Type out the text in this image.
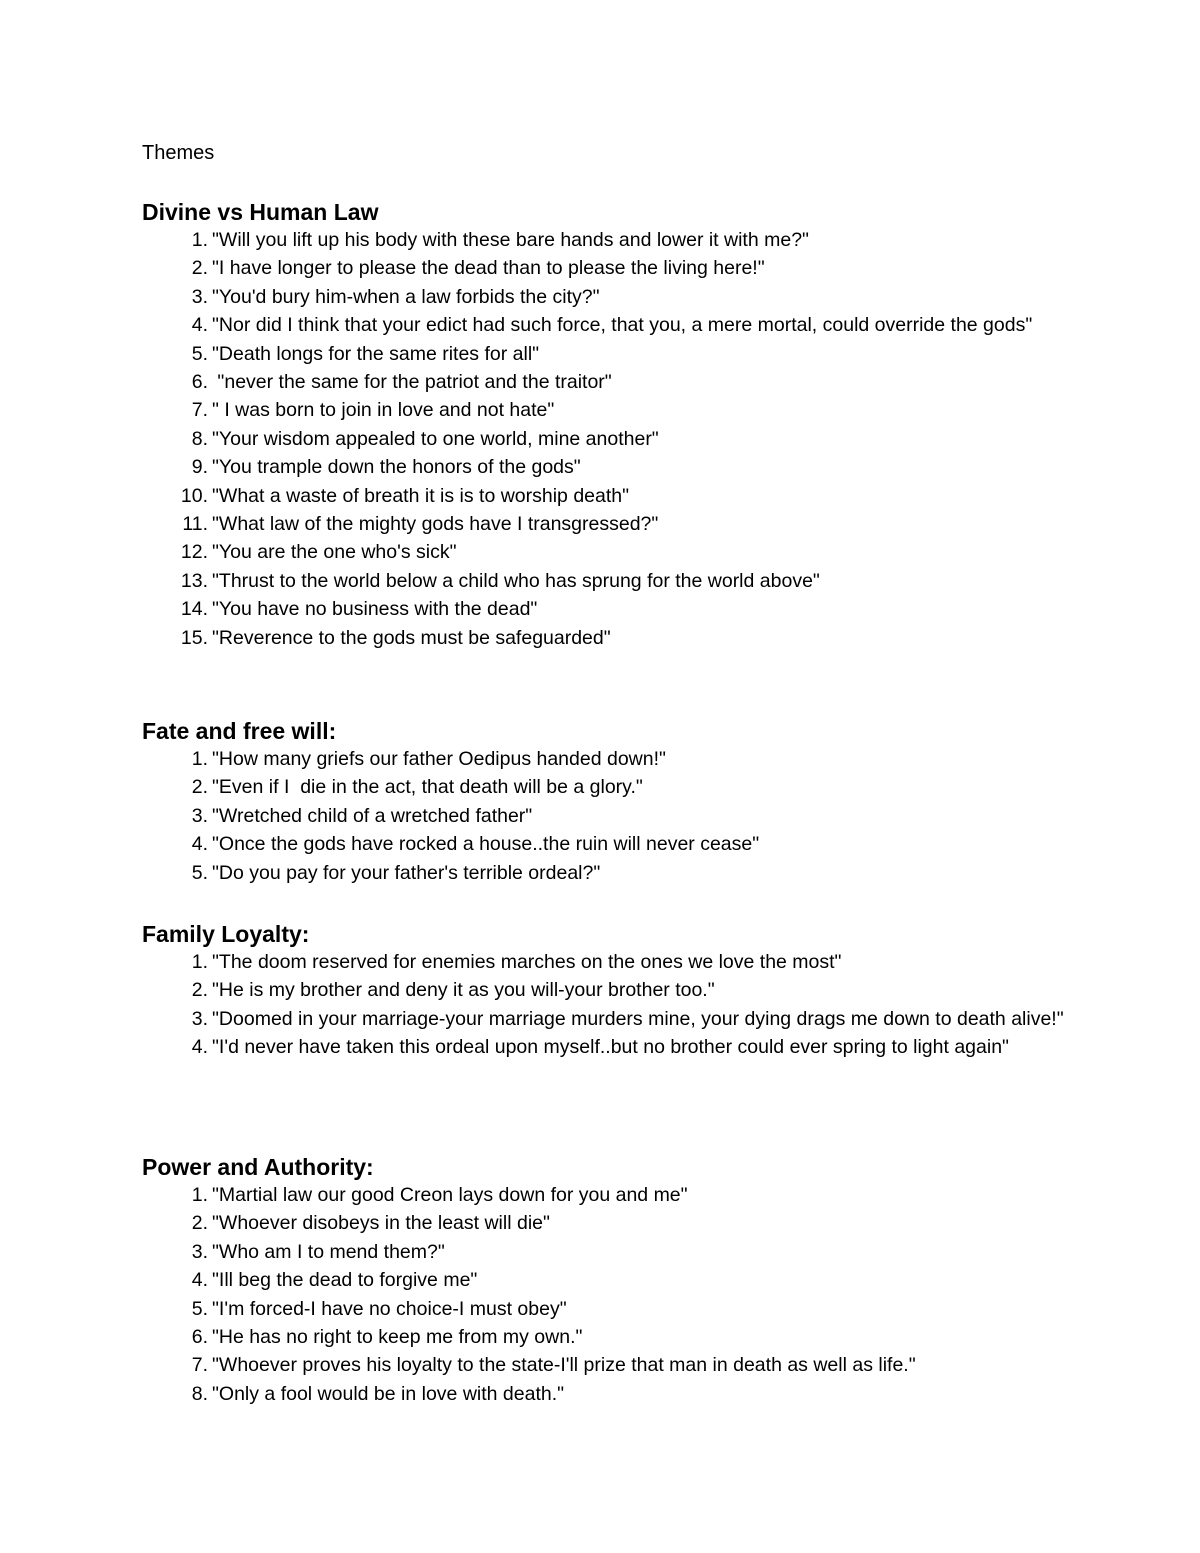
Themes
Divine vs Human Law
1. "Will you lift up his body with these bare hands and lower it with me?"
2. "I have longer to please the dead than to please the living here!"
3. "You'd bury him-when a law forbids the city?"
4. "Nor did I think that your edict had such force, that you, a mere mortal, could override the gods"
5. "Death longs for the same rites for all"
6. "never the same for the patriot and the traitor"
7. " I was born to join in love and not hate"
8. "Your wisdom appealed to one world, mine another"
9. "You trample down the honors of the gods"
10. "What a waste of breath it is is to worship death"
11. "What law of the mighty gods have I transgressed?"
12. "You are the one who's sick"
13. "Thrust to the world below a child who has sprung for the world above"
14. "You have no business with the dead"
15. "Reverence to the gods must be safeguarded"
Fate and free will:
1. "How many griefs our father Oedipus handed down!"
2. "Even if I  die in the act, that death will be a glory."
3. "Wretched child of a wretched father"
4. "Once the gods have rocked a house..the ruin will never cease"
5. "Do you pay for your father's terrible ordeal?"
Family Loyalty:
1. "The doom reserved for enemies marches on the ones we love the most"
2. "He is my brother and deny it as you will-your brother too."
3. "Doomed in your marriage-your marriage murders mine, your dying drags me down to death alive!"
4. "I'd never have taken this ordeal upon myself..but no brother could ever spring to light again"
Power and Authority:
1. "Martial law our good Creon lays down for you and me"
2. "Whoever disobeys in the least will die"
3. "Who am I to mend them?"
4. "Ill beg the dead to forgive me"
5. "I'm forced-I have no choice-I must obey"
6. "He has no right to keep me from my own."
7. "Whoever proves his loyalty to the state-I'll prize that man in death as well as life."
8. "Only a fool would be in love with death."
